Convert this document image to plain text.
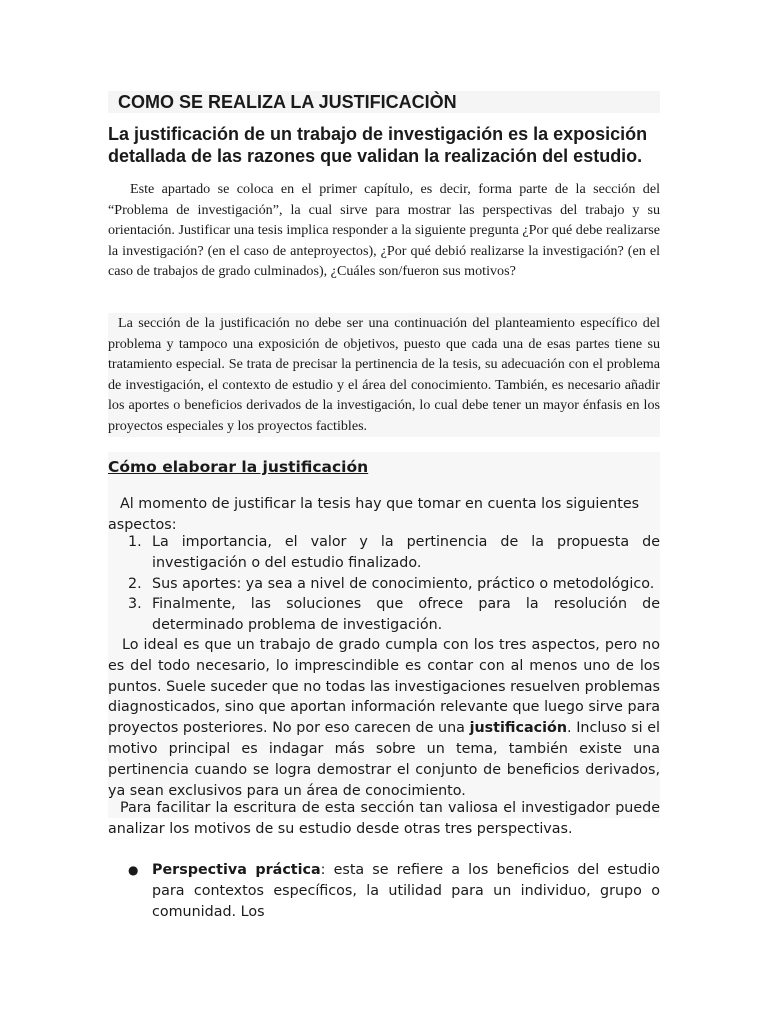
COMO SE REALIZA LA JUSTIFICACIÒN

La justificación de un trabajo de investigación es la exposición detallada de las razones que validan la realización del estudio.

Este apartado se coloca en el primer capítulo, es decir, forma parte de la sección del “Problema de investigación”, la cual sirve para mostrar las perspectivas del trabajo y su orientación. Justificar una tesis implica responder a la siguiente pregunta ¿Por qué debe realizarse la investigación? (en el caso de anteproyectos), ¿Por qué debió realizarse la investigación? (en el caso de trabajos de grado culminados), ¿Cuáles son/fueron sus motivos?

La sección de la justificación no debe ser una continuación del planteamiento específico del problema y tampoco una exposición de objetivos, puesto que cada una de esas partes tiene su tratamiento especial. Se trata de precisar la pertinencia de la tesis, su adecuación con el problema de investigación, el contexto de estudio y el área del conocimiento. También, es necesario añadir los aportes o beneficios derivados de la investigación, lo cual debe tener un mayor énfasis en los proyectos especiales y los proyectos factibles.

Cómo elaborar la justificación

Al momento de justificar la tesis hay que tomar en cuenta los siguientes aspectos:

1. La importancia, el valor y la pertinencia de la propuesta de investigación o del estudio finalizado.
2. Sus aportes: ya sea a nivel de conocimiento, práctico o metodológico.
3. Finalmente, las soluciones que ofrece para la resolución de determinado problema de investigación.

Lo ideal es que un trabajo de grado cumpla con los tres aspectos, pero no es del todo necesario, lo imprescindible es contar con al menos uno de los puntos. Suele suceder que no todas las investigaciones resuelven problemas diagnosticados, sino que aportan información relevante que luego sirve para proyectos posteriores. No por eso carecen de una justificación. Incluso si el motivo principal es indagar más sobre un tema, también existe una pertinencia cuando se logra demostrar el conjunto de beneficios derivados, ya sean exclusivos para un área de conocimiento.

Para facilitar la escritura de esta sección tan valiosa el investigador puede analizar los motivos de su estudio desde otras tres perspectivas.

● Perspectiva práctica: esta se refiere a los beneficios del estudio para contextos específicos, la utilidad para un individuo, grupo o comunidad. Los
